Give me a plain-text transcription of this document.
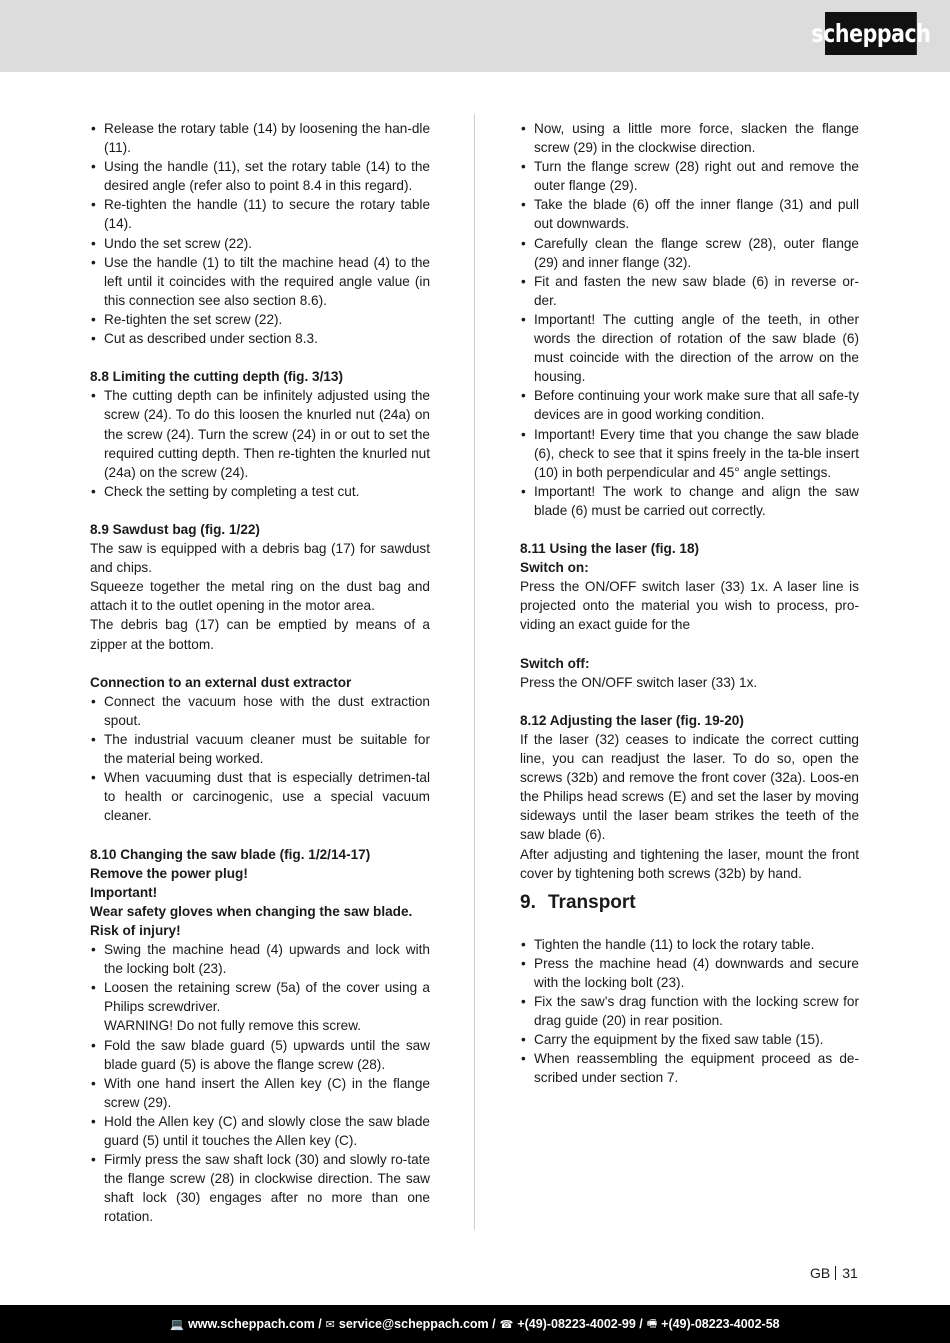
scheppach
• Release the rotary table (14) by loosening the han-dle (11).
• Using the handle (11), set the rotary table (14) to the desired angle (refer also to point 8.4 in this regard).
• Re-tighten the handle (11) to secure the rotary table (14).
• Undo the set screw (22).
• Use the handle (1) to tilt the machine head (4) to the left until it coincides with the required angle value (in this connection see also section 8.6).
• Re-tighten the set screw (22).
• Cut as described under section 8.3.

8.8 Limiting the cutting depth (fig. 3/13)

• The cutting depth can be infinitely adjusted using the screw (24). To do this loosen the knurled nut (24a) on the screw (24). Turn the screw (24) in or out to set the required cutting depth. Then re-tighten the knurled nut (24a) on the screw (24).
• Check the setting by completing a test cut.

8.9 Sawdust bag (fig. 1/22)

The saw is equipped with a debris bag (17) for sawdust and chips.

Squeeze together the metal ring on the dust bag and attach it to the outlet opening in the motor area.

The debris bag (17) can be emptied by means of a zipper at the bottom.

Connection to an external dust extractor

• Connect the vacuum hose with the dust extraction spout.
• The industrial vacuum cleaner must be suitable for the material being worked.
• When vacuuming dust that is especially detrimen-tal to health or carcinogenic, use a special vacuum cleaner.

8.10 Changing the saw blade (fig. 1/2/14-17)

Remove the power plug!

Important!

Wear safety gloves when changing the saw blade.

Risk of injury!

• Swing the machine head (4) upwards and lock with the locking bolt (23).
• Loosen the retaining screw (5a) of the cover using a Philips screwdriver.
WARNING! Do not fully remove this screw.
• Fold the saw blade guard (5) upwards until the saw blade guard (5) is above the flange screw (28).
• With one hand insert the Allen key (C) in the flange screw (29).
• Hold the Allen key (C) and slowly close the saw blade guard (5) until it touches the Allen key (C).
• Firmly press the saw shaft lock (30) and slowly ro-tate the flange screw (28) in clockwise direction. The saw shaft lock (30) engages after no more than one rotation.
• Now, using a little more force, slacken the flange screw (29) in the clockwise direction.
• Turn the flange screw (28) right out and remove the outer flange (29).
• Take the blade (6) off the inner flange (31) and pull out downwards.
• Carefully clean the flange screw (28), outer flange (29) and inner flange (32).
• Fit and fasten the new saw blade (6) in reverse or-der.
• Important! The cutting angle of the teeth, in other words the direction of rotation of the saw blade (6) must coincide with the direction of the arrow on the housing.
• Before continuing your work make sure that all safe-ty devices are in good working condition.
• Important! Every time that you change the saw blade (6), check to see that it spins freely in the ta-ble insert (10) in both perpendicular and 45° angle settings.
• Important! The work to change and align the saw blade (6) must be carried out correctly.

8.11 Using the laser (fig. 18)

Switch on:

Press the ON/OFF switch laser (33) 1x. A laser line is projected onto the material you wish to process, pro-viding an exact guide for the

Switch off:

Press the ON/OFF switch laser (33) 1x.

8.12 Adjusting the laser (fig. 19-20)

If the laser (32) ceases to indicate the correct cutting line, you can readjust the laser. To do so, open the screws (32b) and remove the front cover (32a). Loos-en the Philips head screws (E) and set the laser by moving sideways until the laser beam strikes the teeth of the saw blade (6).

After adjusting and tightening the laser, mount the front cover by tightening both screws (32b) by hand.

9. Transport
• Tighten the handle (11) to lock the rotary table.
• Press the machine head (4) downwards and secure with the locking bolt (23).
• Fix the saw’s drag function with the locking screw for drag guide (20) in rear position.
• Carry the equipment by the fixed saw table (15).
• When reassembling the equipment proceed as de-scribed under section 7.
GB 31
💻 www.scheppach.com / ✉ service@scheppach.com / ☎ +(49)-08223-4002-99 / 🖷 +(49)-08223-4002-58
